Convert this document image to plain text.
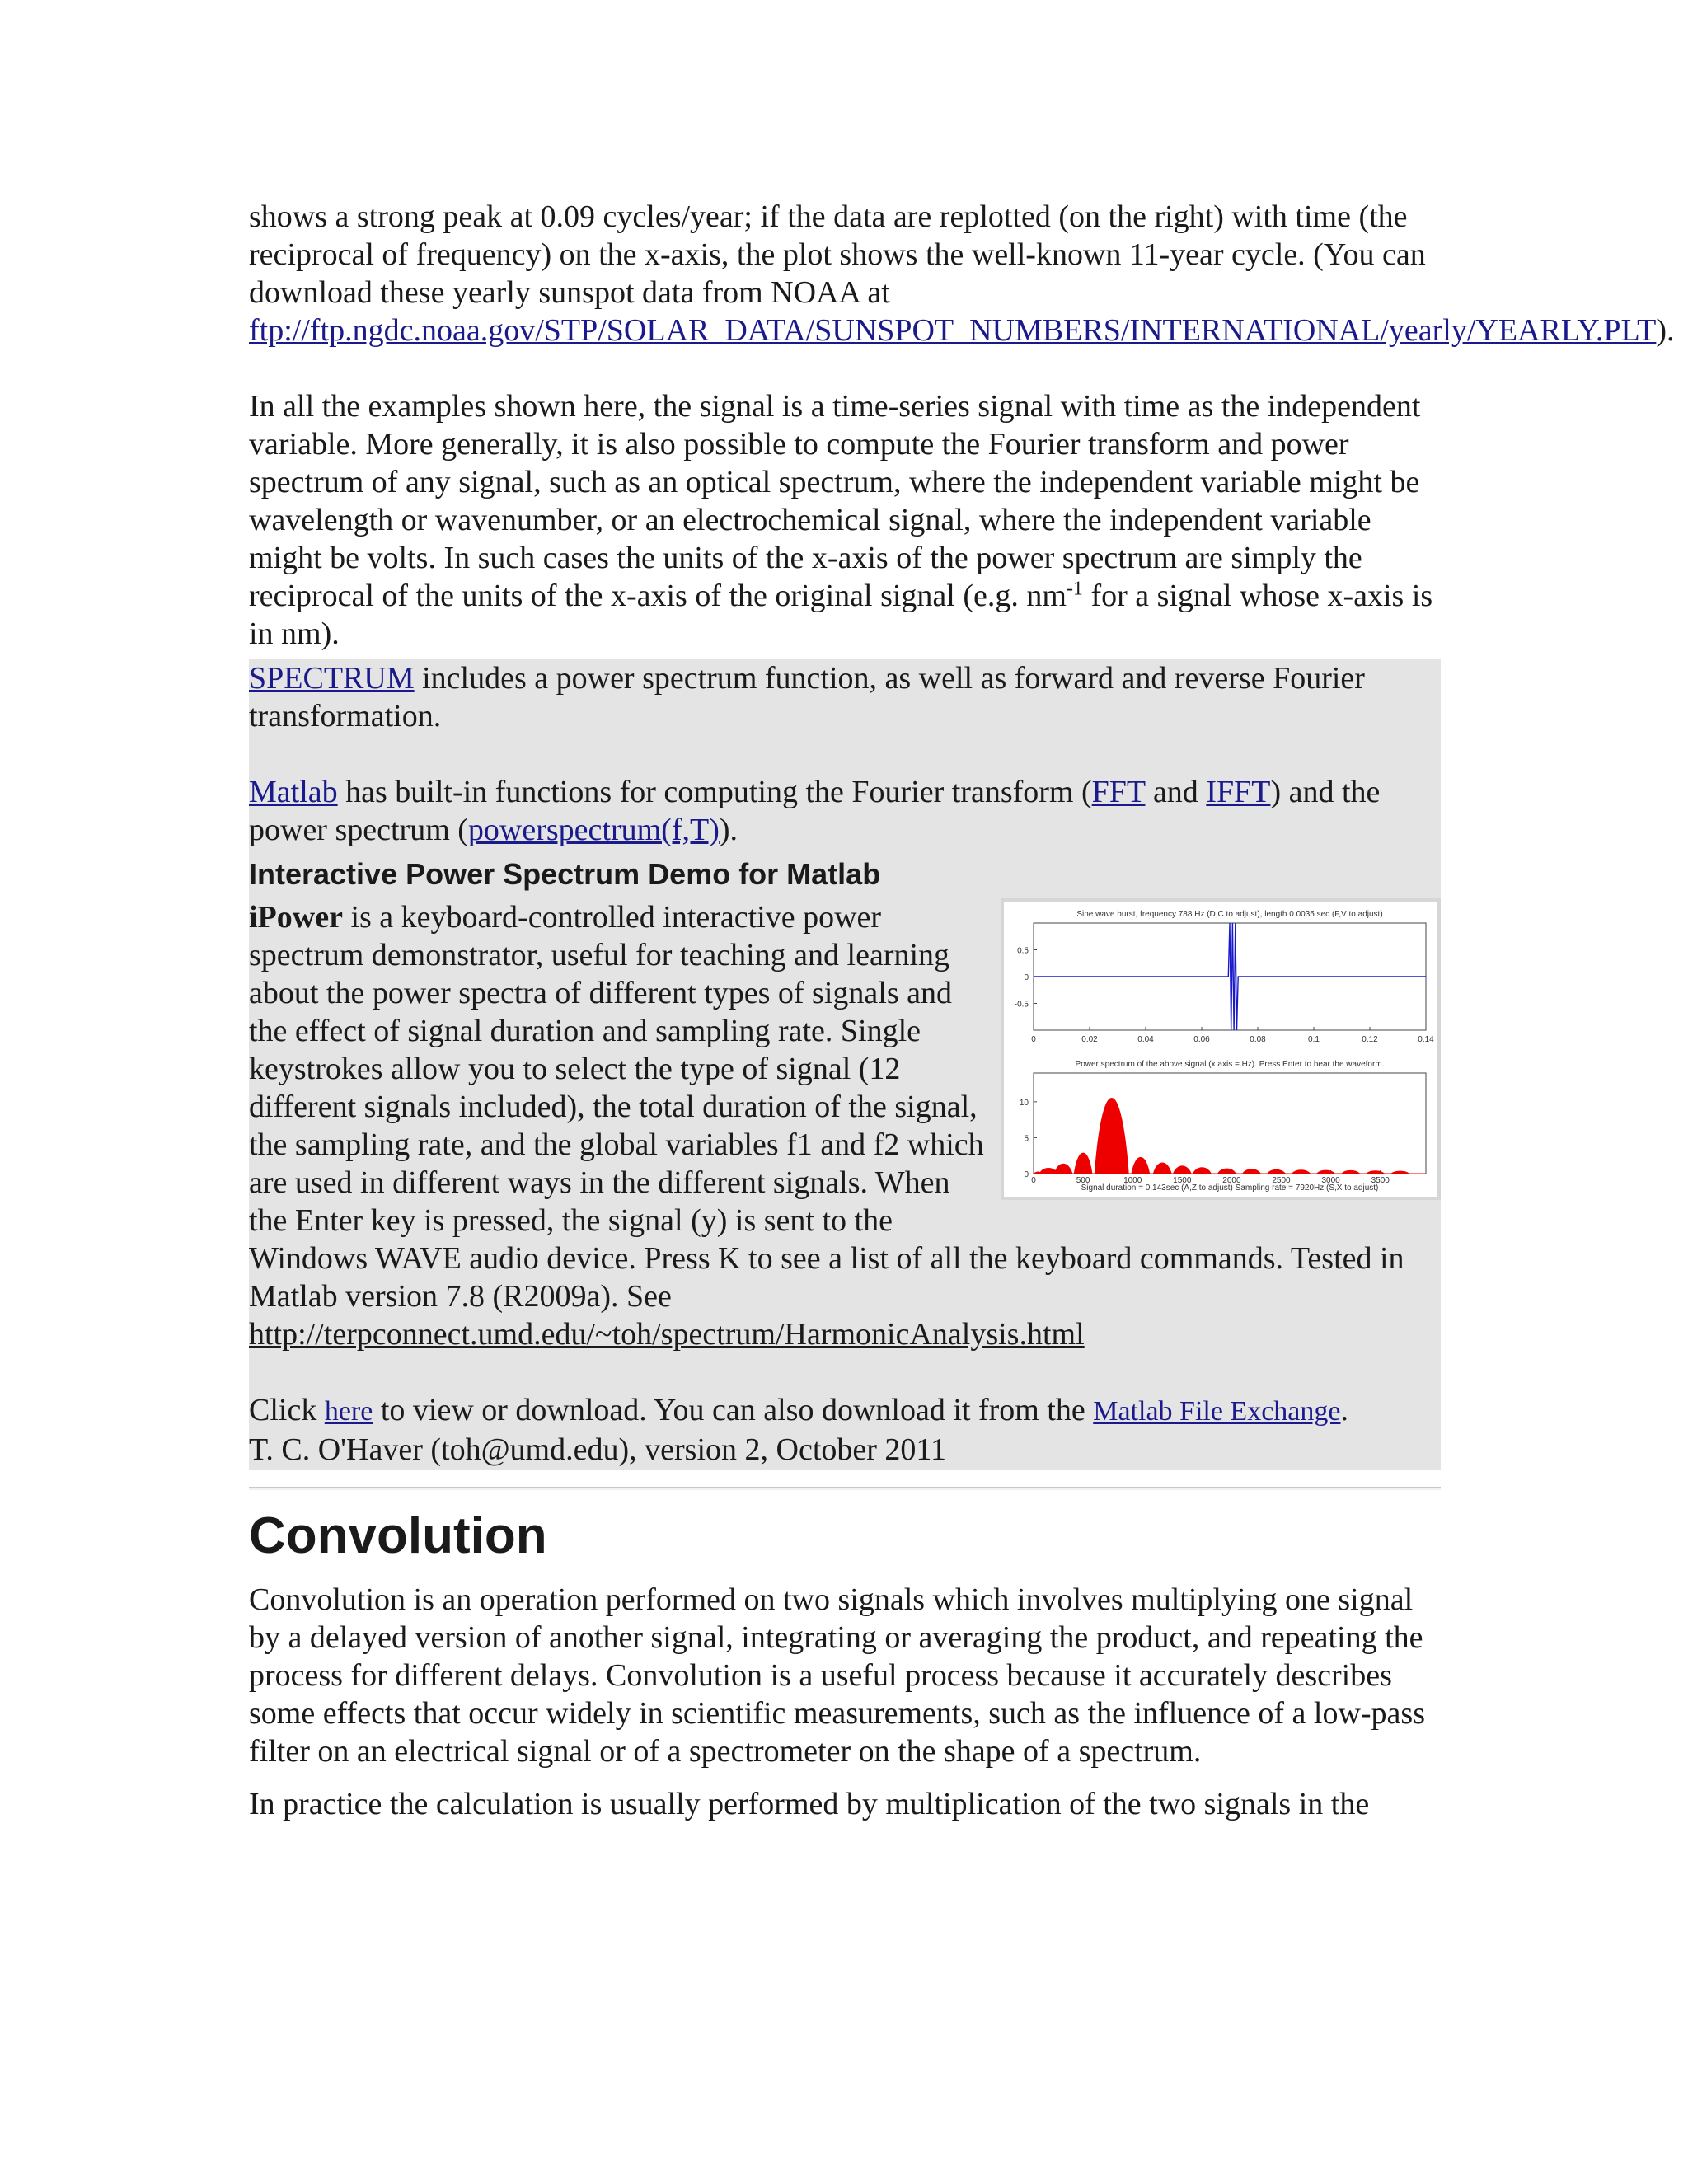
shows a strong peak at 0.09 cycles/year; if the data are replotted (on the right) with time (the reciprocal of frequency) on the x-axis, the plot shows the well-known 11-year cycle. (You can download these yearly sunspot data from NOAA at ftp://ftp.ngdc.noaa.gov/STP/SOLAR_DATA/SUNSPOT_NUMBERS/INTERNATIONAL/yearly/YEARLY.PLT).

In all the examples shown here, the signal is a time-series signal with time as the independent variable. More generally, it is also possible to compute the Fourier transform and power spectrum of any signal, such as an optical spectrum, where the independent variable might be wavelength or wavenumber, or an electrochemical signal, where the independent variable might be volts. In such cases the units of the x-axis of the power spectrum are simply the reciprocal of the units of the x-axis of the original signal (e.g. $nm^{-1}$ for a signal whose x-axis is in nm).

SPECTRUM includes a power spectrum function, as well as forward and reverse Fourier transformation.

Matlab has built-in functions for computing the Fourier transform (FFT and IFFT) and the power spectrum (powerspectrum(f,T)).

Interactive Power Spectrum Demo for Matlab
Sine wave burst, frequency 788 Hz (D,C to adjust), length 0.0035 sec (F,V to adjust)
0.5
0
-0.5
0	0.02	0.04	0.06	0.08	0.1	0.12	0.14
Power spectrum of the above signal (x axis = Hz). Press Enter to hear the waveform.
10
5
0
0	500	1000	1500	2000	2500	3000	3500
Signal duration = 0.143sec (A,Z to adjust) Sampling rate = 7920Hz (S,X to adjust)

iPower is a keyboard-controlled interactive power spectrum demonstrator, useful for teaching and learning about the power spectra of different types of signals and the effect of signal duration and sampling rate. Single keystrokes allow you to select the type of signal (12 different signals included), the total duration of the signal, the sampling rate, and the global variables f1 and f2 which are used in different ways in the different signals. When the Enter key is pressed, the signal (y) is sent to the Windows WAVE audio device. Press K to see a list of all the keyboard commands. Tested in Matlab version 7.8 (R2009a). See http://terpconnect.umd.edu/~toh/spectrum/HarmonicAnalysis.html

Click here to view or download. You can also download it from the Matlab File Exchange.
T. C. O'Haver (toh@umd.edu), version 2, October 2011

Convolution

Convolution is an operation performed on two signals which involves multiplying one signal by a delayed version of another signal, integrating or averaging the product, and repeating the process for different delays. Convolution is a useful process because it accurately describes some effects that occur widely in scientific measurements, such as the influence of a low-pass filter on an electrical signal or of a spectrometer on the shape of a spectrum.

In practice the calculation is usually performed by multiplication of the two signals in the
